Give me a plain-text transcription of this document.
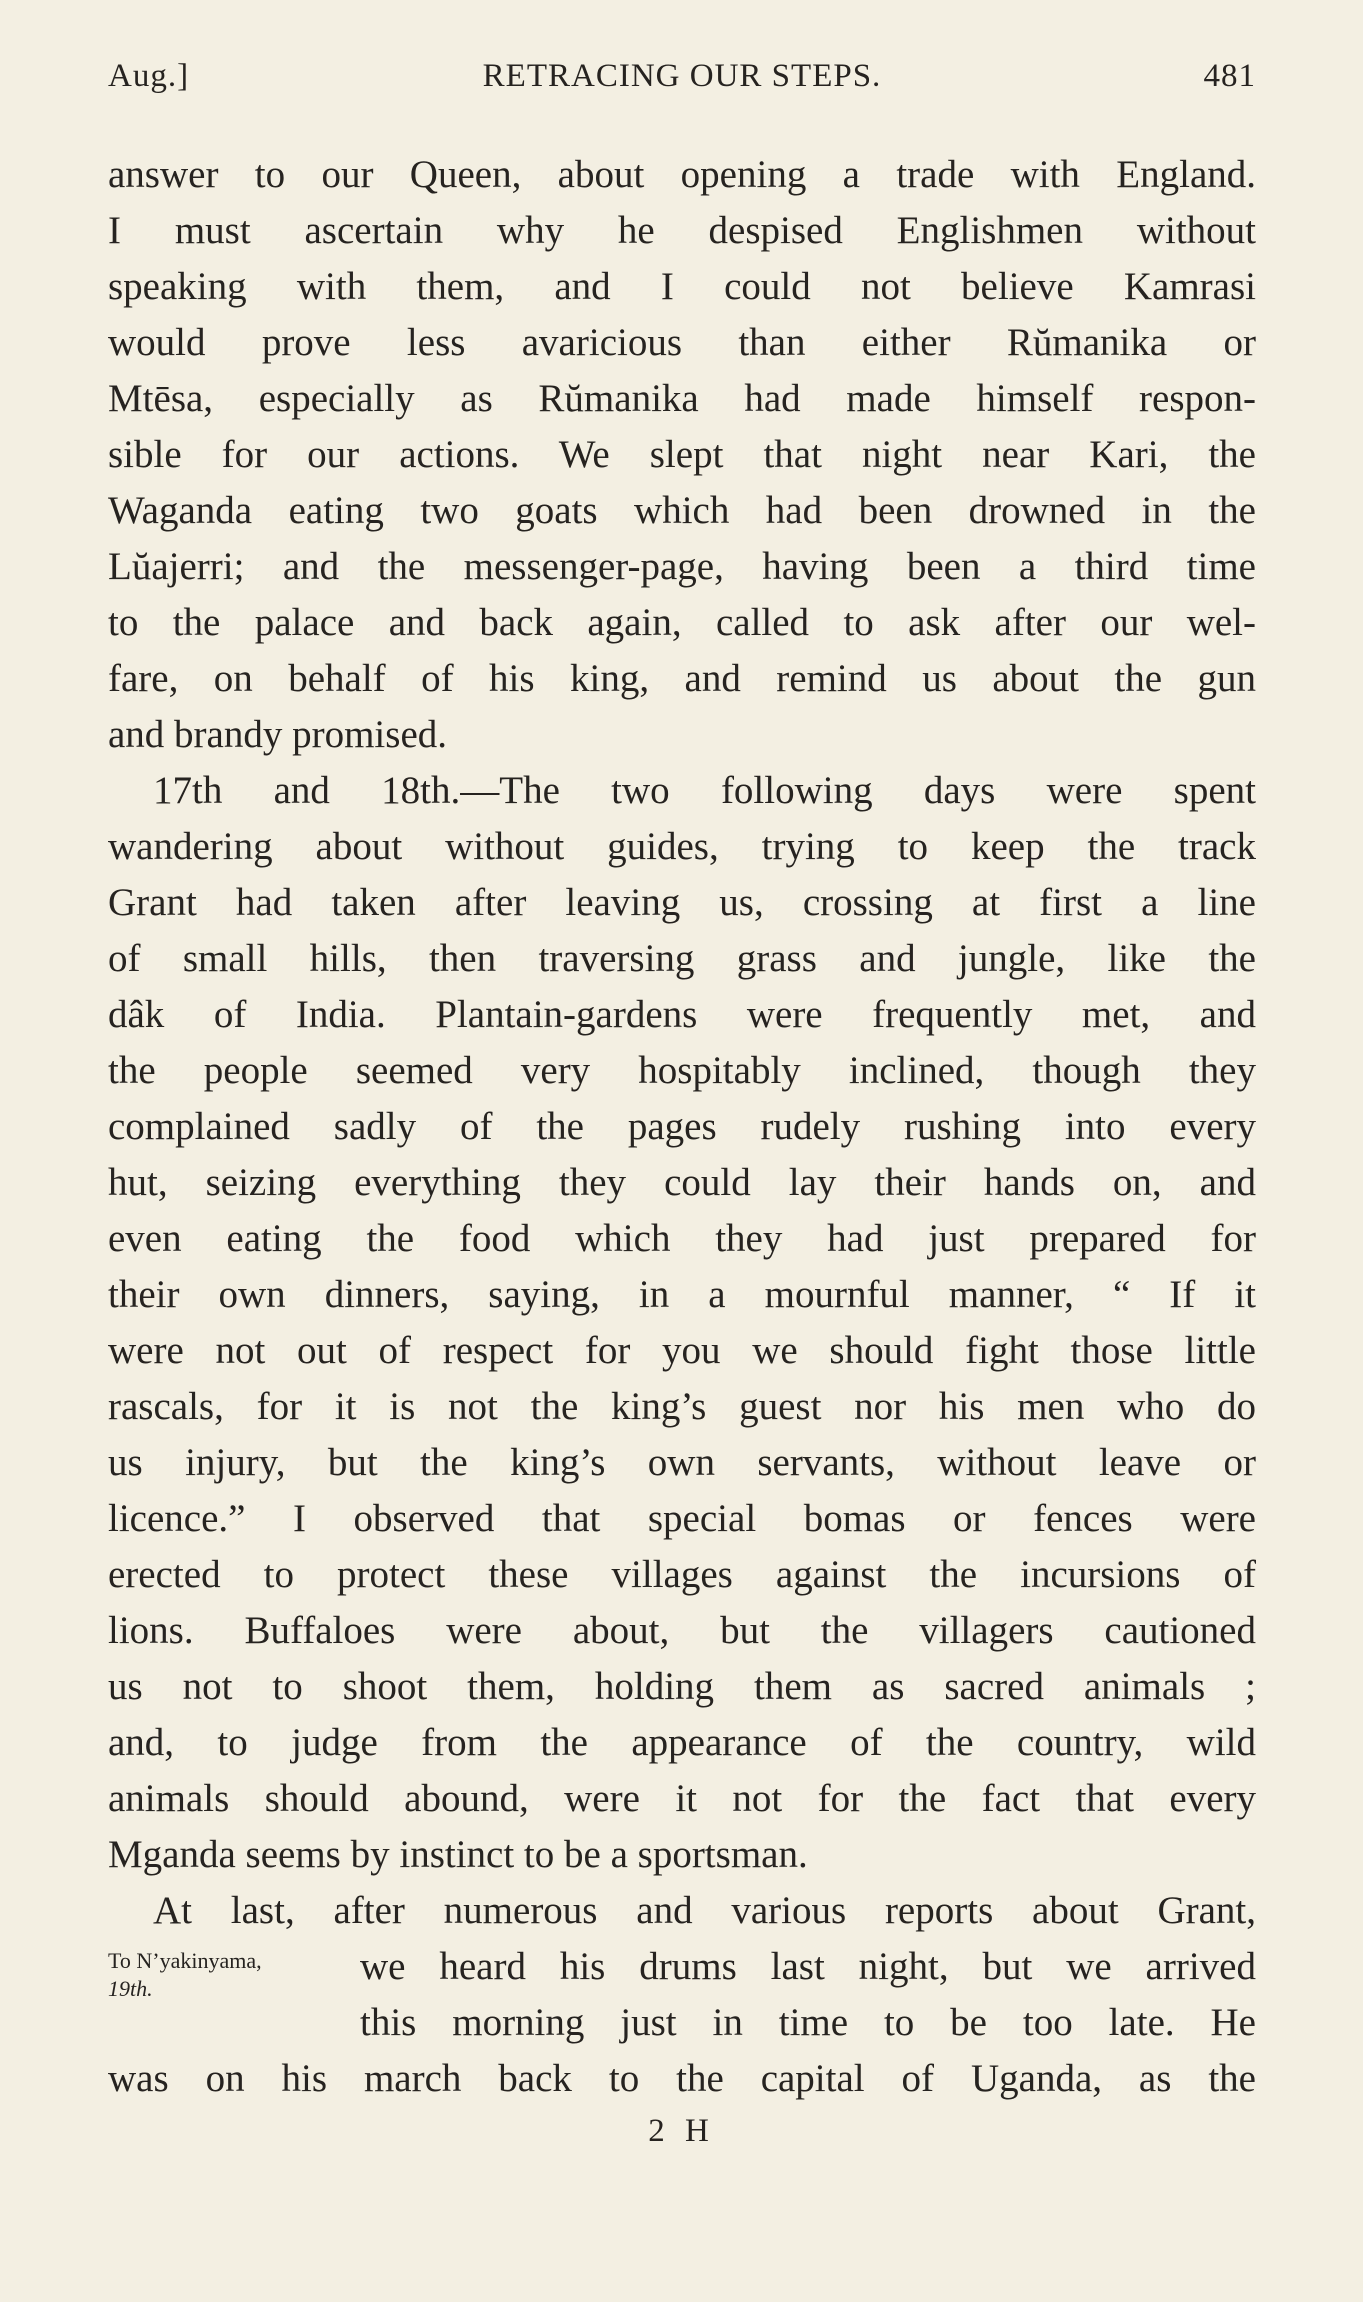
Aug.]	RETRACING OUR STEPS.	481
answer to our Queen, about opening a trade with England.
I must ascertain why he despised Englishmen without
speaking with them, and I could not believe Kamrasi
would prove less avaricious than either Rŭmanika or
Mtēsa, especially as Rŭmanika had made himself respon-
sible for our actions. We slept that night near Kari, the
Waganda eating two goats which had been drowned in the
Lŭajerri; and the messenger-page, having been a third time
to the palace and back again, called to ask after our wel-
fare, on behalf of his king, and remind us about the gun
and brandy promised.
17th and 18th.—The two following days were spent
wandering about without guides, trying to keep the track
Grant had taken after leaving us, crossing at first a line
of small hills, then traversing grass and jungle, like the
dâk of India. Plantain-gardens were frequently met, and
the people seemed very hospitably inclined, though they
complained sadly of the pages rudely rushing into every
hut, seizing everything they could lay their hands on, and
even eating the food which they had just prepared for
their own dinners, saying, in a mournful manner, “ If it
were not out of respect for you we should fight those little
rascals, for it is not the king’s guest nor his men who do
us injury, but the king’s own servants, without leave or
licence.” I observed that special bomas or fences were
erected to protect these villages against the incursions of
lions. Buffaloes were about, but the villagers cautioned
us not to shoot them, holding them as sacred animals ;
and, to judge from the appearance of the country, wild
animals should abound, were it not for the fact that every
Mganda seems by instinct to be a sportsman.
At last, after numerous and various reports about Grant,
To N’yakinyama,
19th.
we heard his drums last night, but we arrived
this morning just in time to be too late. He
was on his march back to the capital of Uganda, as the
2 H
